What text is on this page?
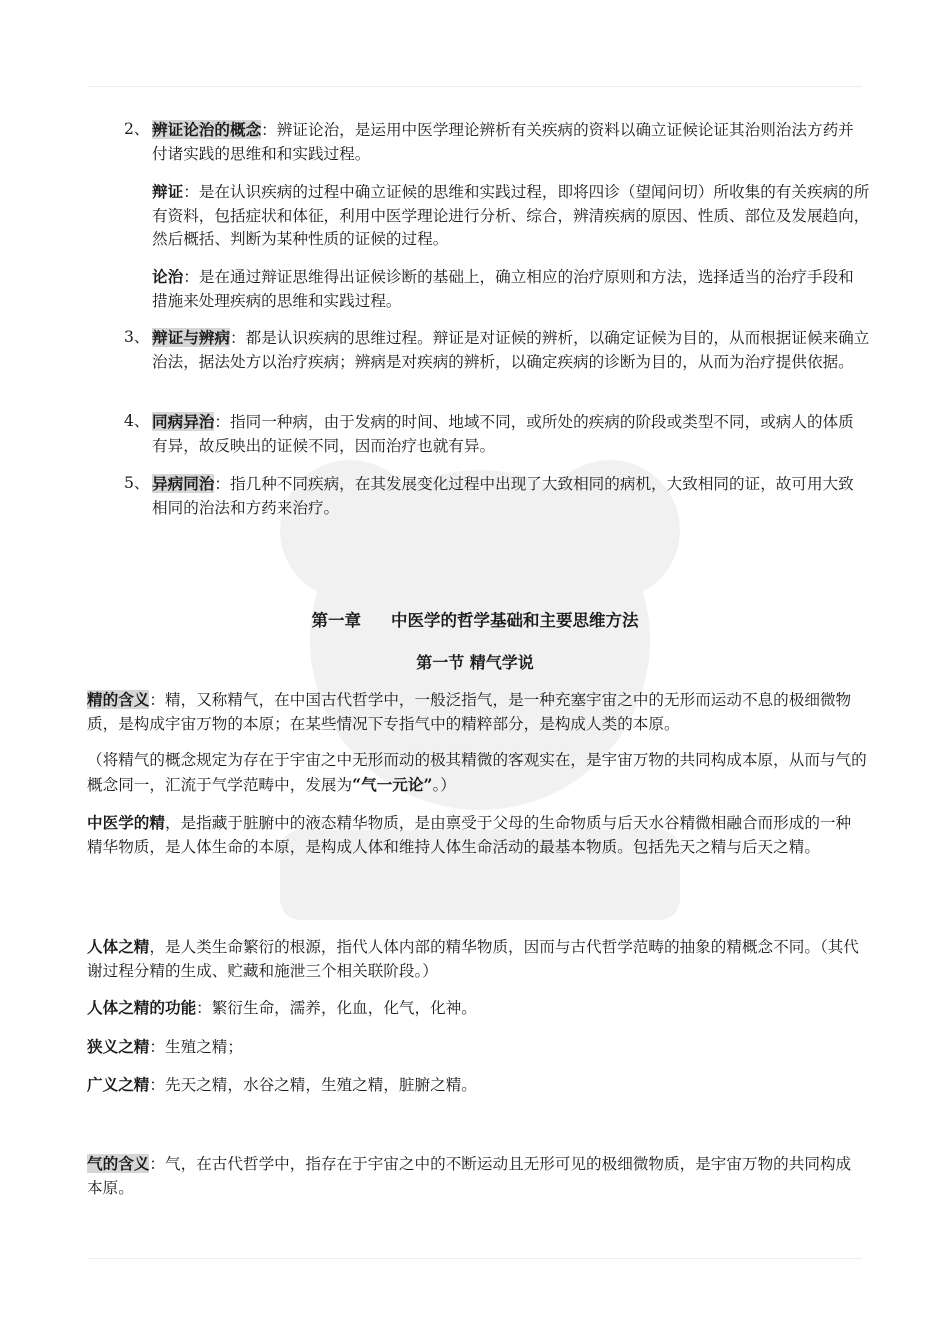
2、 辨证论治的概念：辨证论治，是运用中医学理论辨析有关疾病的资料以确立证候论证其治则治法方药并付诸实践的思维和和实践过程。

辩证：是在认识疾病的过程中确立证候的思维和实践过程，即将四诊（望闻问切）所收集的有关疾病的所有资料，包括症状和体征，利用中医学理论进行分析、综合，辨清疾病的原因、性质、部位及发展趋向，然后概括、判断为某种性质的证候的过程。

论治：是在通过辩证思维得出证候诊断的基础上，确立相应的治疗原则和方法，选择适当的治疗手段和措施来处理疾病的思维和实践过程。

3、 辩证与辨病：都是认识疾病的思维过程。辩证是对证候的辨析，以确定证候为目的，从而根据证候来确立治法，据法处方以治疗疾病；辨病是对疾病的辨析，以确定疾病的诊断为目的，从而为治疗提供依据。

4、 同病异治：指同一种病，由于发病的时间、地域不同，或所处的疾病的阶段或类型不同，或病人的体质有异，故反映出的证候不同，因而治疗也就有异。

5、 异病同治：指几种不同疾病，在其发展变化过程中出现了大致相同的病机，大致相同的证，故可用大致相同的治法和方药来治疗。

第一章 中医学的哲学基础和主要思维方法
第一节 精气学说

精的含义：精，又称精气，在中国古代哲学中，一般泛指气，是一种充塞宇宙之中的无形而运动不息的极细微物质，是构成宇宙万物的本原；在某些情况下专指气中的精粹部分，是构成人类的本原。

（将精气的概念规定为存在于宇宙之中无形而动的极其精微的客观实在，是宇宙万物的共同构成本原，从而与气的概念同一，汇流于气学范畴中，发展为“气一元论”。）

中医学的精，是指藏于脏腑中的液态精华物质，是由禀受于父母的生命物质与后天水谷精微相融合而形成的一种精华物质，是人体生命的本原，是构成人体和维持人体生命活动的最基本物质。包括先天之精与后天之精。

人体之精，是人类生命繁衍的根源，指代人体内部的精华物质，因而与古代哲学范畴的抽象的精概念不同。（其代谢过程分精的生成、贮藏和施泄三个相关联阶段。）

人体之精的功能：繁衍生命，濡养，化血，化气，化神。

狭义之精：生殖之精；

广义之精：先天之精，水谷之精，生殖之精，脏腑之精。

气的含义：气，在古代哲学中，指存在于宇宙之中的不断运动且无形可见的极细微物质，是宇宙万物的共同构成本原。
